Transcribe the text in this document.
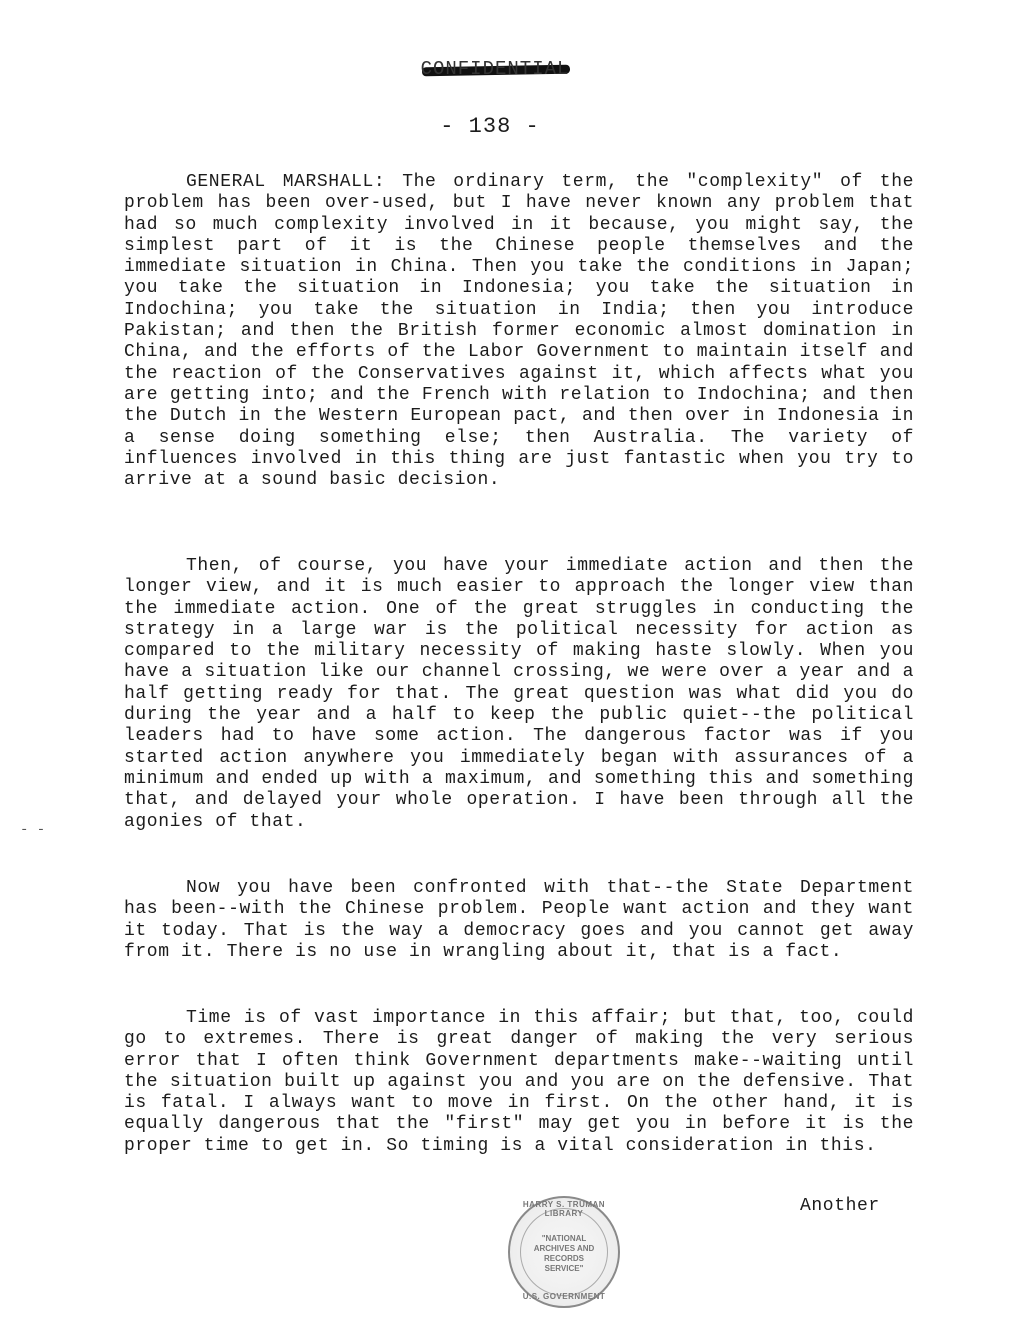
CONFIDENTIAL
- 138 -
GENERAL MARSHALL: The ordinary term, the "complexity" of the problem has been over-used, but I have never known any problem that had so much complexity involved in it because, you might say, the simplest part of it is the Chinese people themselves and the immediate situation in China. Then you take the conditions in Japan; you take the situation in Indonesia; you take the situation in Indochina; you take the situation in India; then you introduce Pakistan; and then the British former economic almost domination in China, and the efforts of the Labor Government to maintain itself and the reaction of the Conservatives against it, which affects what you are getting into; and the French with relation to Indochina; and then the Dutch in the Western European pact, and then over in Indonesia in a sense doing something else; then Australia. The variety of influences involved in this thing are just fantastic when you try to arrive at a sound basic decision.
Then, of course, you have your immediate action and then the longer view, and it is much easier to approach the longer view than the immediate action. One of the great struggles in conducting the strategy in a large war is the political necessity for action as compared to the military necessity of making haste slowly. When you have a situation like our channel crossing, we were over a year and a half getting ready for that. The great question was what did you do during the year and a half to keep the public quiet--the political leaders had to have some action. The dangerous factor was if you started action anywhere you immediately began with assurances of a minimum and ended up with a maximum, and something this and something that, and delayed your whole operation. I have been through all the agonies of that.
Now you have been confronted with that--the State Department has been--with the Chinese problem. People want action and they want it today. That is the way a democracy goes and you cannot get away from it. There is no use in wrangling about it, that is a fact.
Time is of vast importance in this affair; but that, too, could go to extremes. There is great danger of making the very serious error that I often think Government departments make--waiting until the situation built up against you and you are on the defensive. That is fatal. I always want to move in first. On the other hand, it is equally dangerous that the "first" may get you in before it is the proper time to get in. So timing is a vital consideration in this.
- -
HARRY S. TRUMAN LIBRARY
"NATIONAL ARCHIVES AND RECORDS SERVICE"
U.S. GOVERNMENT
Another
